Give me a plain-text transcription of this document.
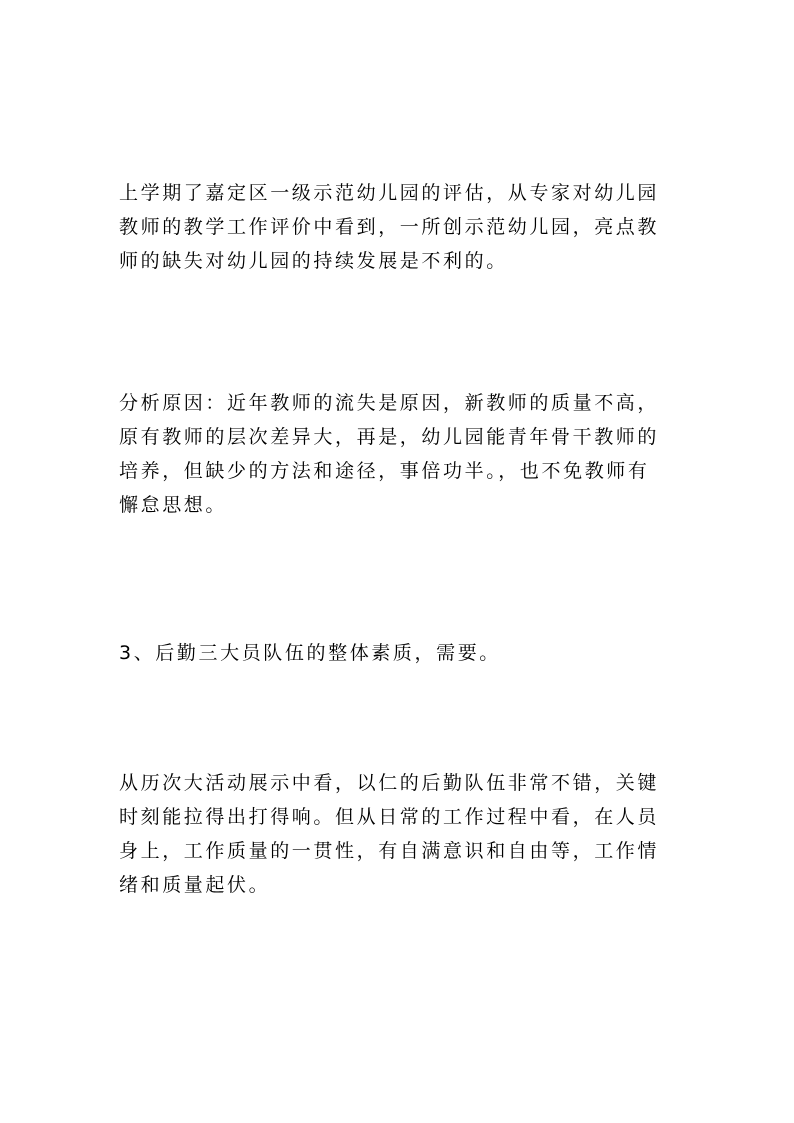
上学期了嘉定区一级示范幼儿园的评估，从专家对幼儿园
教师的教学工作评价中看到，一所创示范幼儿园，亮点教
师的缺失对幼儿园的持续发展是不利的。

分析原因：近年教师的流失是原因，新教师的质量不高，
原有教师的层次差异大，再是，幼儿园能青年骨干教师的
培养，但缺少的方法和途径，事倍功半。，也不免教师有
懈怠思想。

3、后勤三大员队伍的整体素质，需要。

从历次大活动展示中看，以仁的后勤队伍非常不错，关键
时刻能拉得出打得响。但从日常的工作过程中看，在人员
身上，工作质量的一贯性，有自满意识和自由等，工作情
绪和质量起伏。
